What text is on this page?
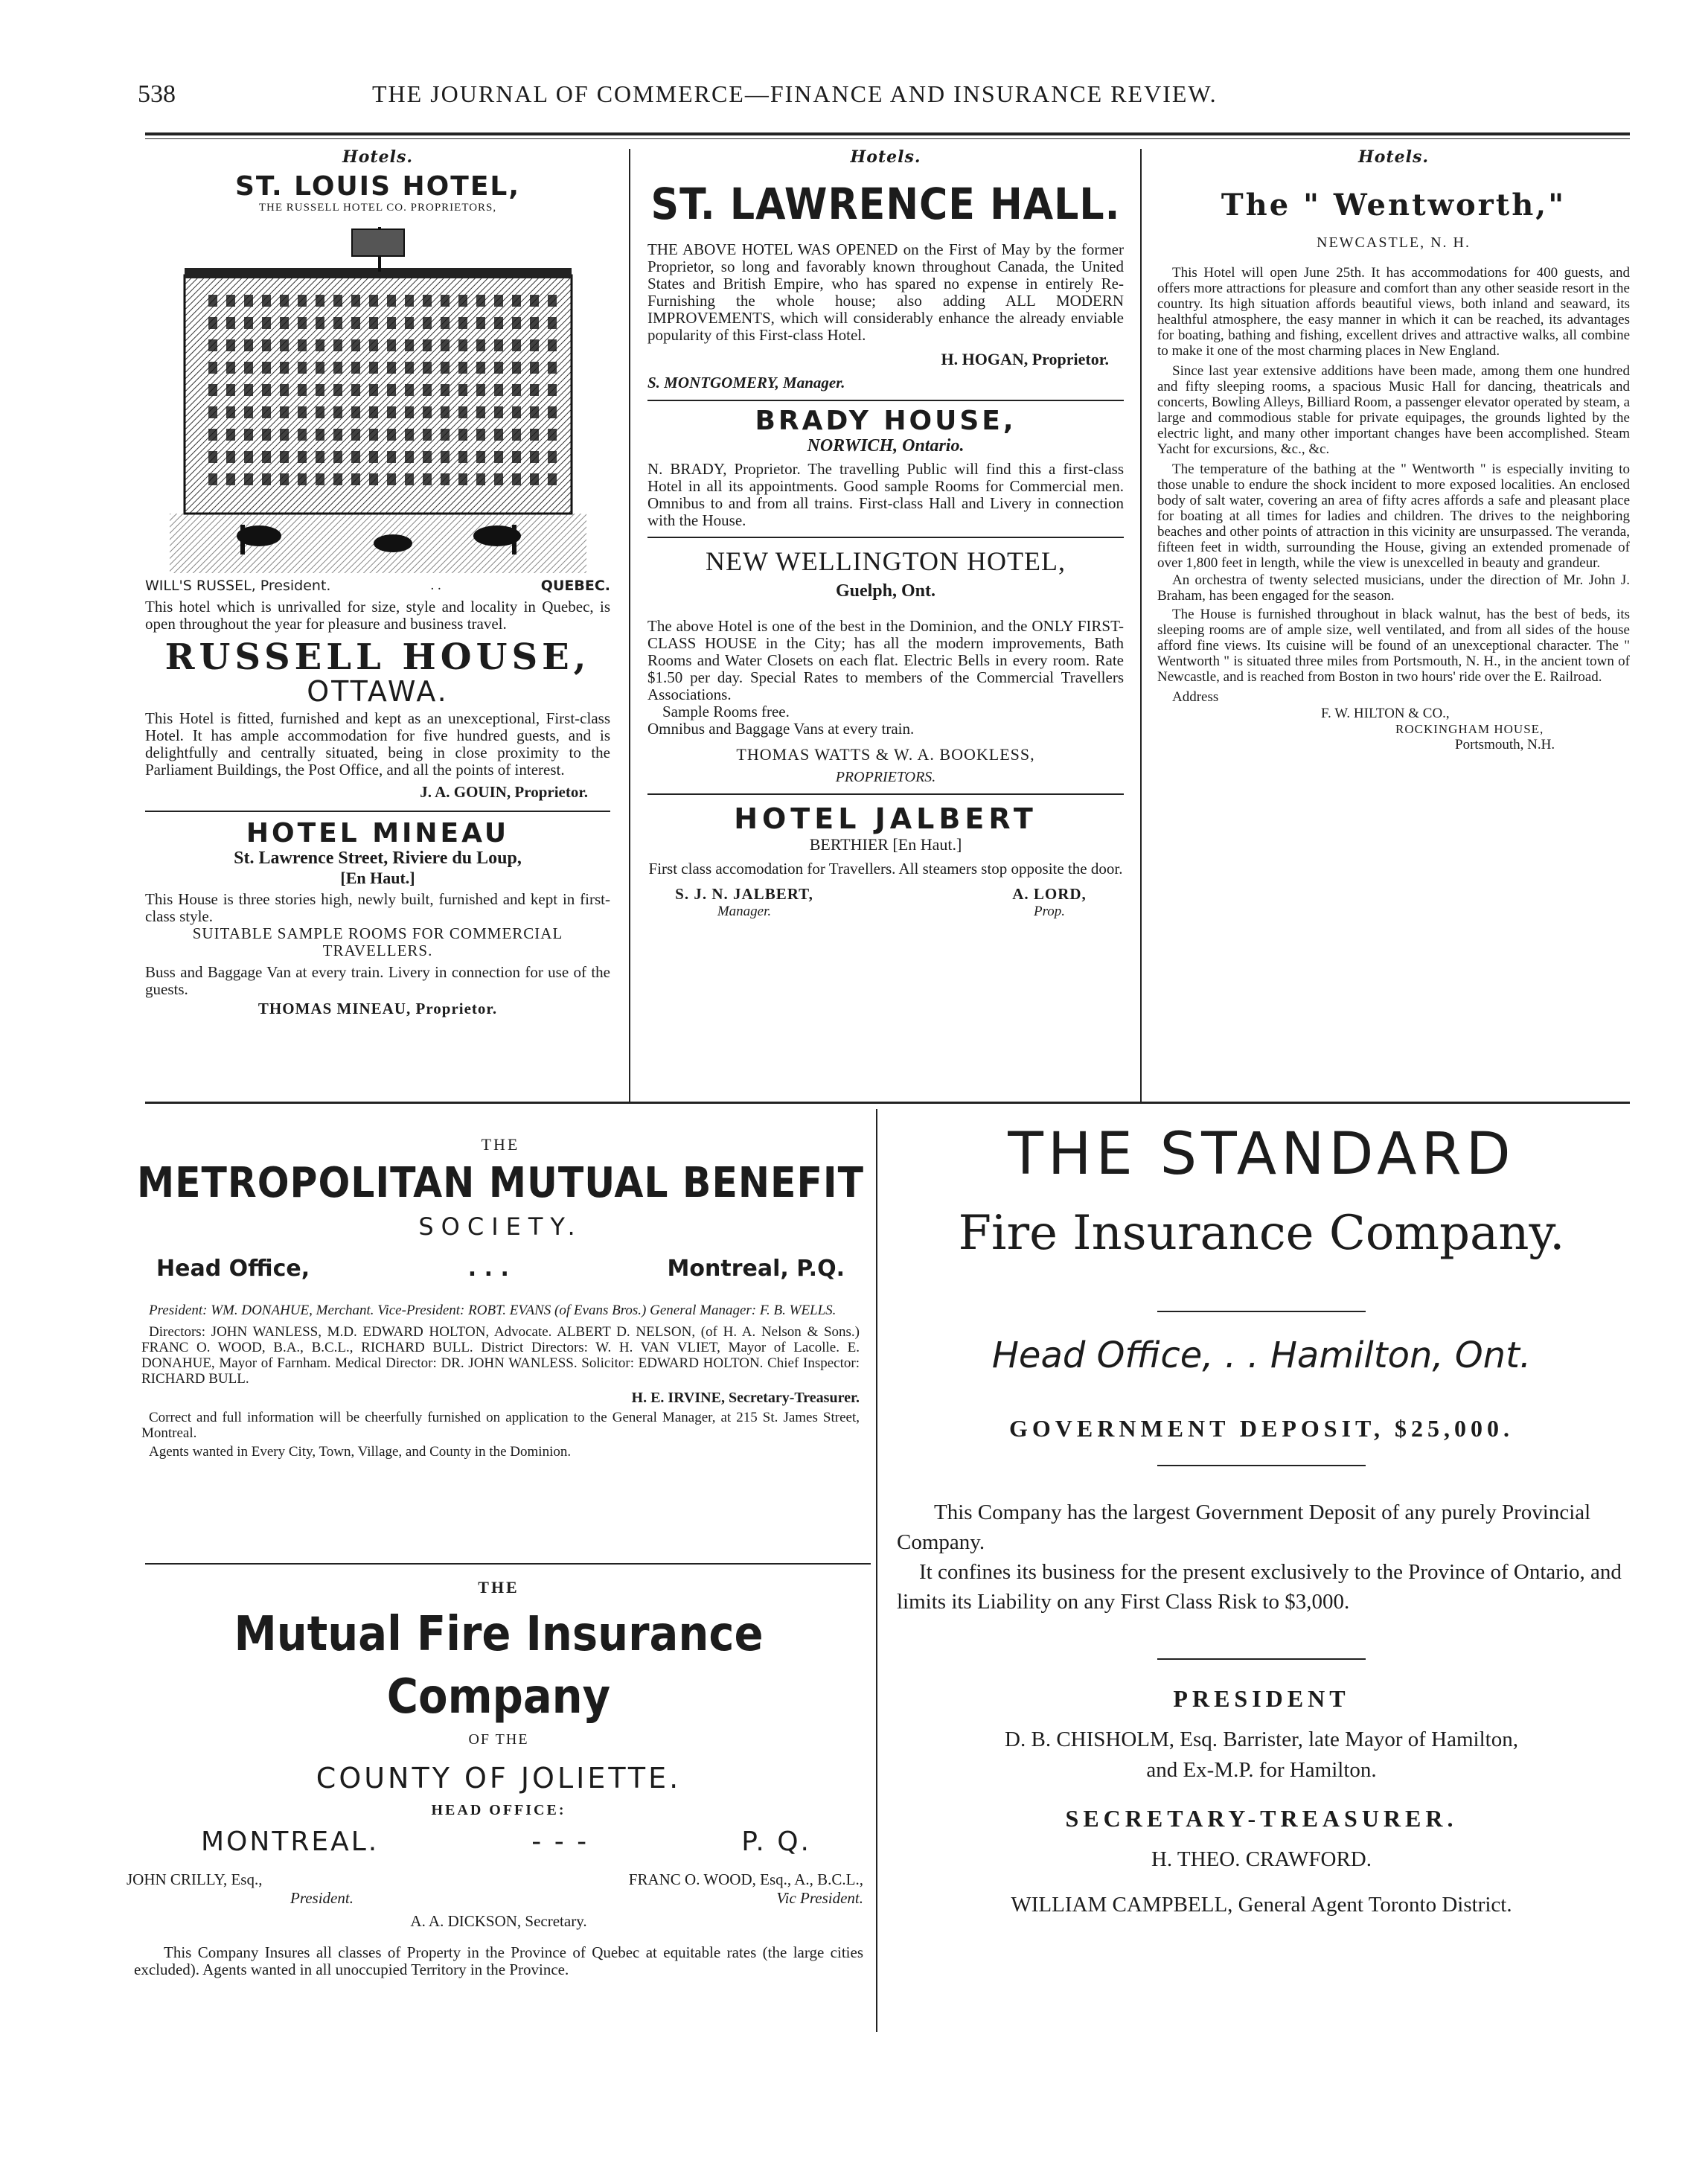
538	THE JOURNAL OF COMMERCE—FINANCE AND INSURANCE REVIEW.
Hotels.
ST. LOUIS HOTEL,
THE RUSSELL HOTEL CO. PROPRIETORS,
WILL'S RUSSEL, President.	. .	QUEBEC.

This hotel which is unrivalled for size, style and locality in Quebec, is open throughout the year for pleasure and business travel.

RUSSELL HOUSE,
OTTAWA.

This Hotel is fitted, furnished and kept as an unexceptional, First-class Hotel. It has ample accommodation for five hundred guests, and is delightfully and centrally situated, being in close proximity to the Parliament Buildings, the Post Office, and all the points of interest.

J. A. GOUIN, Proprietor.
HOTEL MINEAU
St. Lawrence Street, Riviere du Loup,
[En Haut.]

This House is three stories high, newly built, furnished and kept in first-class style.

SUITABLE SAMPLE ROOMS FOR COMMERCIAL TRAVELLERS.

Buss and Baggage Van at every train. Livery in connection for use of the guests.

THOMAS MINEAU, Proprietor.
Hotels.
ST. LAWRENCE HALL.

THE ABOVE HOTEL WAS OPENED on the First of May by the former Proprietor, so long and favorably known throughout Canada, the United States and British Empire, who has spared no expense in entirely Re-Furnishing the whole house; also adding ALL MODERN IMPROVEMENTS, which will considerably enhance the already enviable popularity of this First-class Hotel.

H. HOGAN, Proprietor.
S. MONTGOMERY, Manager.
BRADY HOUSE,
NORWICH, Ontario.

N. BRADY, Proprietor. The travelling Public will find this a first-class Hotel in all its appointments. Good sample Rooms for Commercial men. Omnibus to and from all trains. First-class Hall and Livery in connection with the House.

NEW WELLINGTON HOTEL,
Guelph, Ont.

The above Hotel is one of the best in the Dominion, and the ONLY FIRST-CLASS HOUSE in the City; has all the modern improvements, Bath Rooms and Water Closets on each flat. Electric Bells in every room. Rate $1.50 per day. Special Rates to members of the Commercial Travellers Associations.

Sample Rooms free.

Omnibus and Baggage Vans at every train.

THOMAS WATTS & W. A. BOOKLESS,
PROPRIETORS.
HOTEL JALBERT
BERTHIER [En Haut.]

First class accomodation for Travellers. All steamers stop opposite the door.

S. J. N. JALBERT,
Manager.
A. LORD,
Prop.
Hotels.
The " Wentworth,"
NEWCASTLE, N. H.

This Hotel will open June 25th. It has accommodations for 400 guests, and offers more attractions for pleasure and comfort than any other seaside resort in the country. Its high situation affords beautiful views, both inland and seaward, its healthful atmosphere, the easy manner in which it can be reached, its advantages for boating, bathing and fishing, excellent drives and attractive walks, all combine to make it one of the most charming places in New England.

Since last year extensive additions have been made, among them one hundred and fifty sleeping rooms, a spacious Music Hall for dancing, theatricals and concerts, Bowling Alleys, Billiard Room, a passenger elevator operated by steam, a large and commodious stable for private equipages, the grounds lighted by the electric light, and many other important changes have been accomplished. Steam Yacht for excursions, &c., &c.

The temperature of the bathing at the " Wentworth " is especially inviting to those unable to endure the shock incident to more exposed localities. An enclosed body of salt water, covering an area of fifty acres affords a safe and pleasant place for boating at all times for ladies and children. The drives to the neighboring beaches and other points of attraction in this vicinity are unsurpassed. The veranda, fifteen feet in width, surrounding the House, giving an extended promenade of over 1,800 feet in length, while the view is unexcelled in beauty and grandeur.

An orchestra of twenty selected musicians, under the direction of Mr. John J. Braham, has been engaged for the season.

The House is furnished throughout in black walnut, has the best of beds, its sleeping rooms are of ample size, well ventilated, and from all sides of the house afford fine views. Its cuisine will be found of an unexceptional character. The " Wentworth " is situated three miles from Portsmouth, N. H., in the ancient town of Newcastle, and is reached from Boston in two hours' ride over the E. Railroad.

Address
F. W. HILTON & CO.,
ROCKINGHAM HOUSE,
Portsmouth, N.H.
THE
METROPOLITAN MUTUAL BENEFIT
SOCIETY.
Head Office,	. . .	Montreal, P.Q.

President: WM. DONAHUE, Merchant. Vice-President: ROBT. EVANS (of Evans Bros.) General Manager: F. B. WELLS.

Directors: JOHN WANLESS, M.D. EDWARD HOLTON, Advocate. ALBERT D. NELSON, (of H. A. Nelson & Sons.) FRANC O. WOOD, B.A., B.C.L., RICHARD BULL. District Directors: W. H. VAN VLIET, Mayor of Lacolle. E. DONAHUE, Mayor of Farnham. Medical Director: DR. JOHN WANLESS. Solicitor: EDWARD HOLTON. Chief Inspector: RICHARD BULL.

H. E. IRVINE, Secretary-Treasurer.

Correct and full information will be cheerfully furnished on application to the General Manager, at 215 St. James Street, Montreal.

Agents wanted in Every City, Town, Village, and County in the Dominion.

THE
Mutual Fire Insurance Company
OF THE
COUNTY OF JOLIETTE.
HEAD OFFICE:
MONTREAL.	- - -	P. Q.
JOHN CRILLY, Esq.,
President.
FRANC O. WOOD, Esq., A., B.C.L.,
Vic President.
A. A. DICKSON, Secretary.

This Company Insures all classes of Property in the Province of Quebec at equitable rates (the large cities excluded). Agents wanted in all unoccupied Territory in the Province.

THE STANDARD
Fire Insurance Company.
Head Office, . . Hamilton, Ont.
GOVERNMENT DEPOSIT, $25,000.

This Company has the largest Government Deposit of any purely Provincial Company.

It confines its business for the present exclusively to the Province of Ontario, and limits its Liability on any First Class Risk to $3,000.

PRESIDENT
D. B. CHISHOLM, Esq. Barrister, late Mayor of Hamilton,
and Ex-M.P. for Hamilton.
SECRETARY-TREASURER.
H. THEO. CRAWFORD.
WILLIAM CAMPBELL, General Agent Toronto District.
